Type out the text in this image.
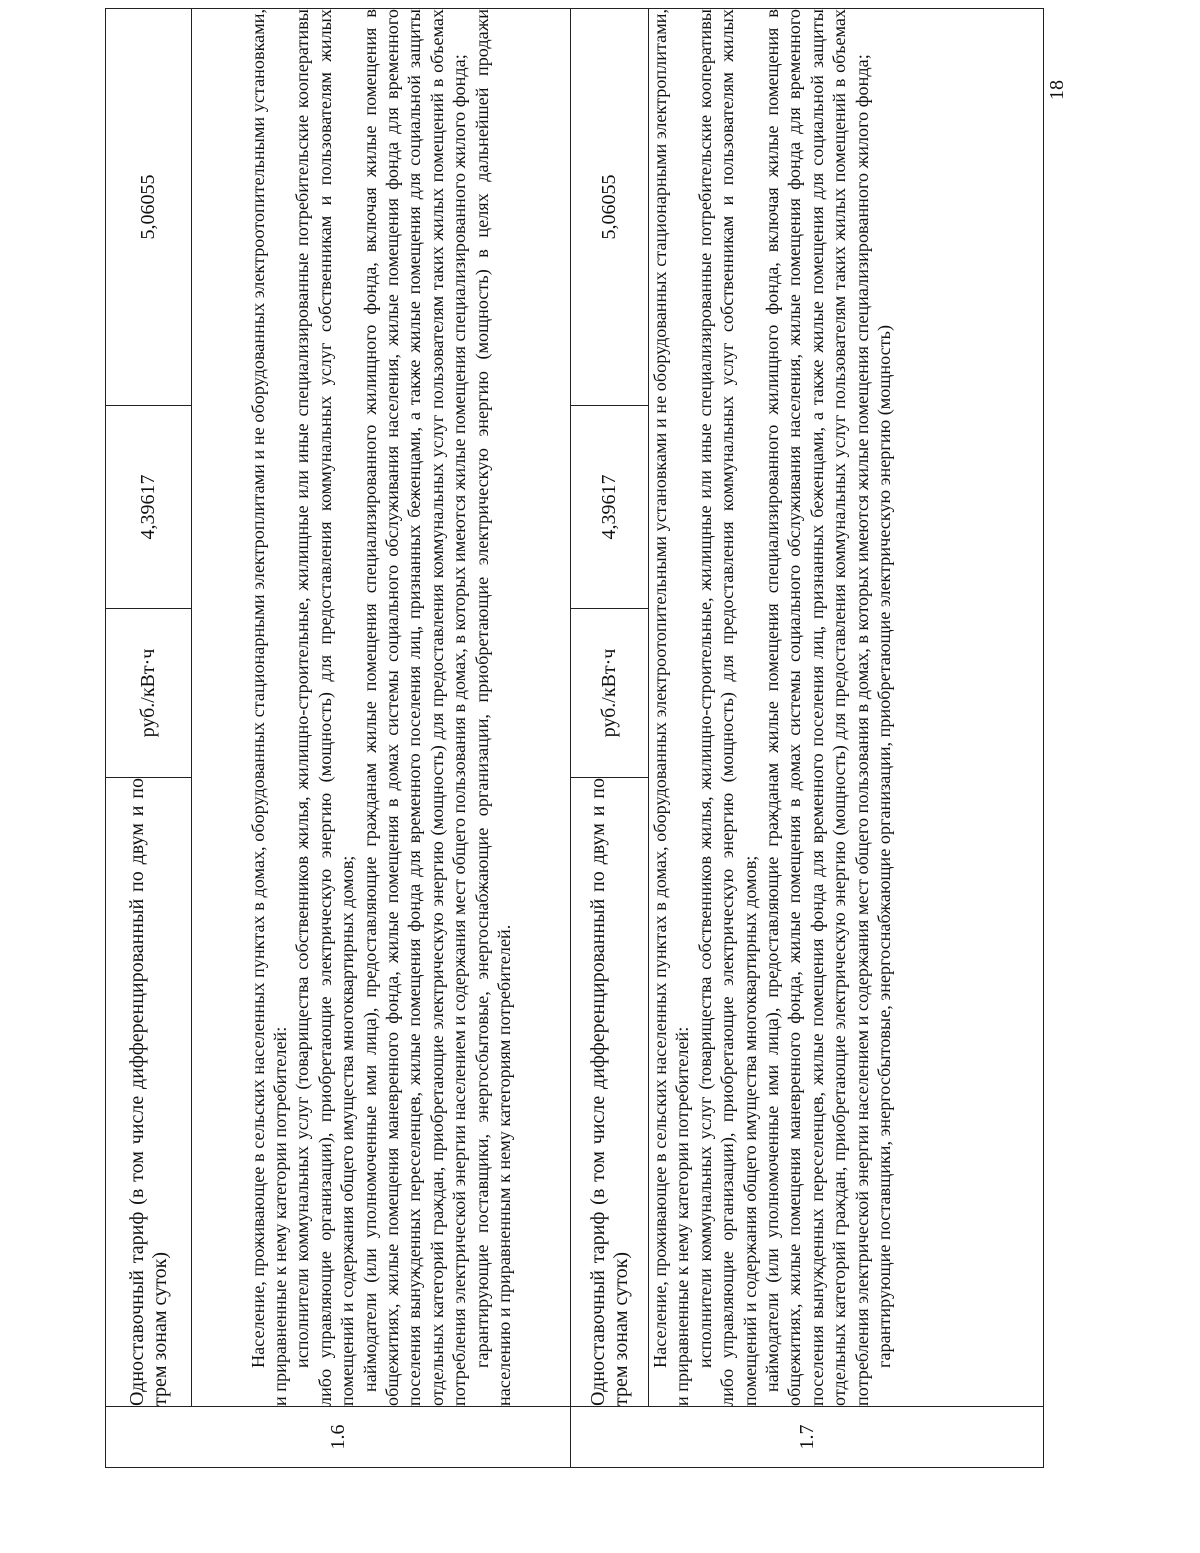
1.6	Одноставочный тариф (в том числе дифференцированный по двум и по трем зонам суток)	руб./кВт·ч	4,39617	5,06055

	Население, проживающее в сельских населенных пунктах в домах, оборудованных стационарными электроплитами и не оборудованных электроотопительными установками, и приравненные к нему категории потребителей: исполнители коммунальных услуг (товарищества собственников жилья, жилищно-строительные, жилищные или иные специализированные потребительские кооперативы либо управляющие организации), приобретающие электрическую энергию (мощность) для предоставления коммунальных услуг собственникам и пользователям жилых помещений и содержания общего имущества многоквартирных домов; наймодатели (или уполномоченные ими лица), предоставляющие гражданам жилые помещения специализированного жилищного фонда, включая жилые помещения в общежитиях, жилые помещения маневренного фонда, жилые помещения в домах системы социального обслуживания населения, жилые помещения фонда для временного поселения вынужденных переселенцев, жилые помещения фонда для временного поселения лиц, признанных беженцами, а также жилые помещения для социальной защиты отдельных категорий граждан, приобретающие электрическую энергию (мощность) для предоставления коммунальных услуг пользователям таких жилых помещений в объемах потребления электрической энергии населением и содержания мест общего пользования в домах, в которых имеются жилые помещения специализированного жилого фонда; гарантирующие поставщики, энергосбытовые, энергоснабжающие организации, приобретающие электрическую энергию (мощность) в целях дальнейшей продажи населению и приравненным к нему категориям потребителей.			

1.7	Одноставочный тариф (в том числе дифференцированный по двум и по трем зонам суток)	руб./кВт·ч	4,39617	5,06055

	Население, проживающее в сельских населенных пунктах в домах, оборудованных электроотопительными установками и не оборудованных стационарными электроплитами, и приравненные к нему категории потребителей: исполнители коммунальных услуг (товарищества собственников жилья, жилищно-строительные, жилищные или иные специализированные потребительские кооперативы либо управляющие организации), приобретающие электрическую энергию (мощность) для предоставления коммунальных услуг собственникам и пользователям жилых помещений и содержания общего имущества многоквартирных домов; наймодатели (или уполномоченные ими лица), предоставляющие гражданам жилые помещения специализированного жилищного фонда, включая жилые помещения в общежитиях, жилые помещения маневренного фонда, жилые помещения в домах системы социального обслуживания населения, жилые помещения фонда для временного поселения вынужденных переселенцев, жилые помещения фонда для временного поселения лиц, признанных беженцами, а также жилые помещения для социальной защиты отдельных категорий граждан, приобретающие электрическую энергию (мощность) для предоставления коммунальных услуг пользователям таких жилых помещений в объемах потребления электрической энергии населением и содержания мест общего пользования в домах, в которых имеются жилые помещения специализированного жилого фонда; гарантирующие поставщики, энергосбытовые, энергоснабжающие организации, приобретающие электрическую энергию (мощность)			

18
